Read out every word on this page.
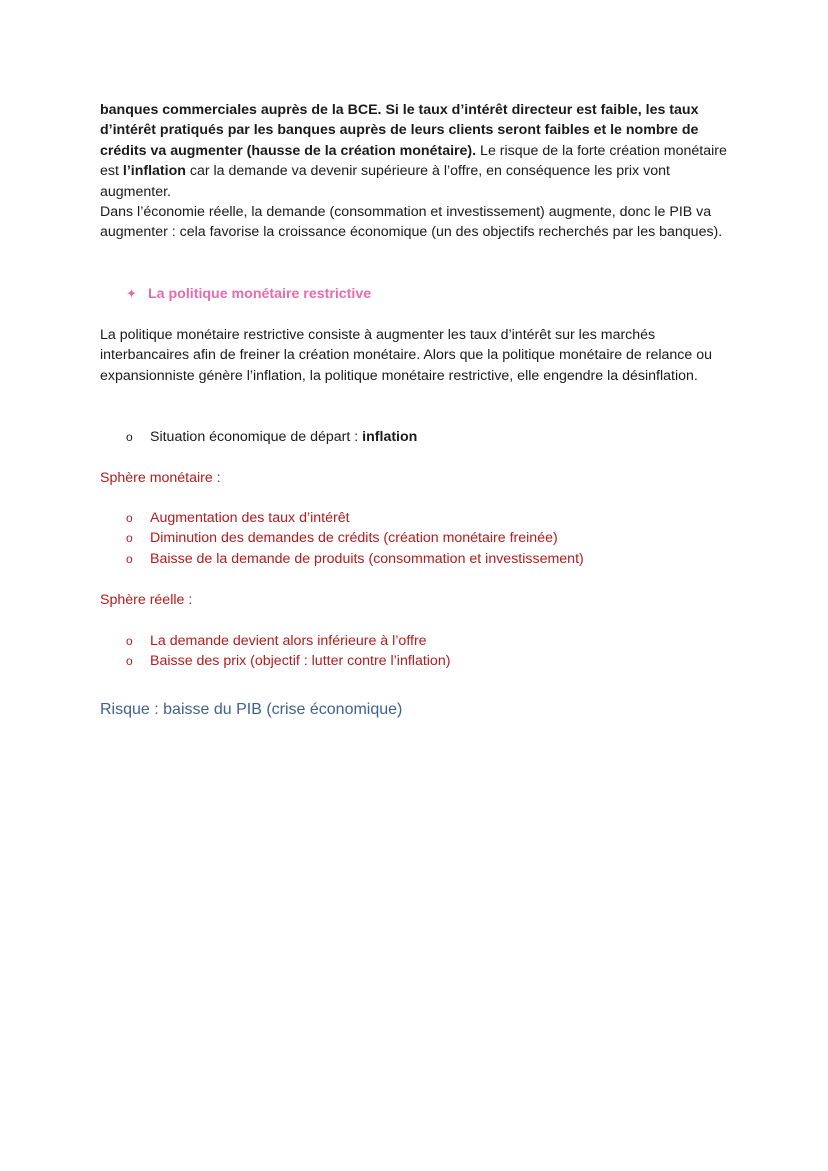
banques commerciales auprès de la BCE. Si le taux d’intérêt directeur est faible, les taux d’intérêt pratiqués par les banques auprès de leurs clients seront faibles et le nombre de crédits va augmenter (hausse de la création monétaire). Le risque de la forte création monétaire est l’inflation car la demande va devenir supérieure à l’offre, en conséquence les prix vont augmenter.
Dans l’économie réelle, la demande (consommation et investissement) augmente, donc le PIB va augmenter : cela favorise la croissance économique (un des objectifs recherchés par les banques).
✦ La politique monétaire restrictive
La politique monétaire restrictive consiste à augmenter les taux d’intérêt sur les marchés interbancaires afin de freiner la création monétaire. Alors que la politique monétaire de relance ou expansionniste génère l’inflation, la politique monétaire restrictive, elle engendre la désinflation.
o Situation économique de départ : inflation
Sphère monétaire :
o Augmentation des taux d’intérêt
o Diminution des demandes de crédits (création monétaire freinée)
o Baisse de la demande de produits (consommation et investissement)
Sphère réelle :
o La demande devient alors inférieure à l’offre
o Baisse des prix (objectif : lutter contre l’inflation)
Risque : baisse du PIB (crise économique)
